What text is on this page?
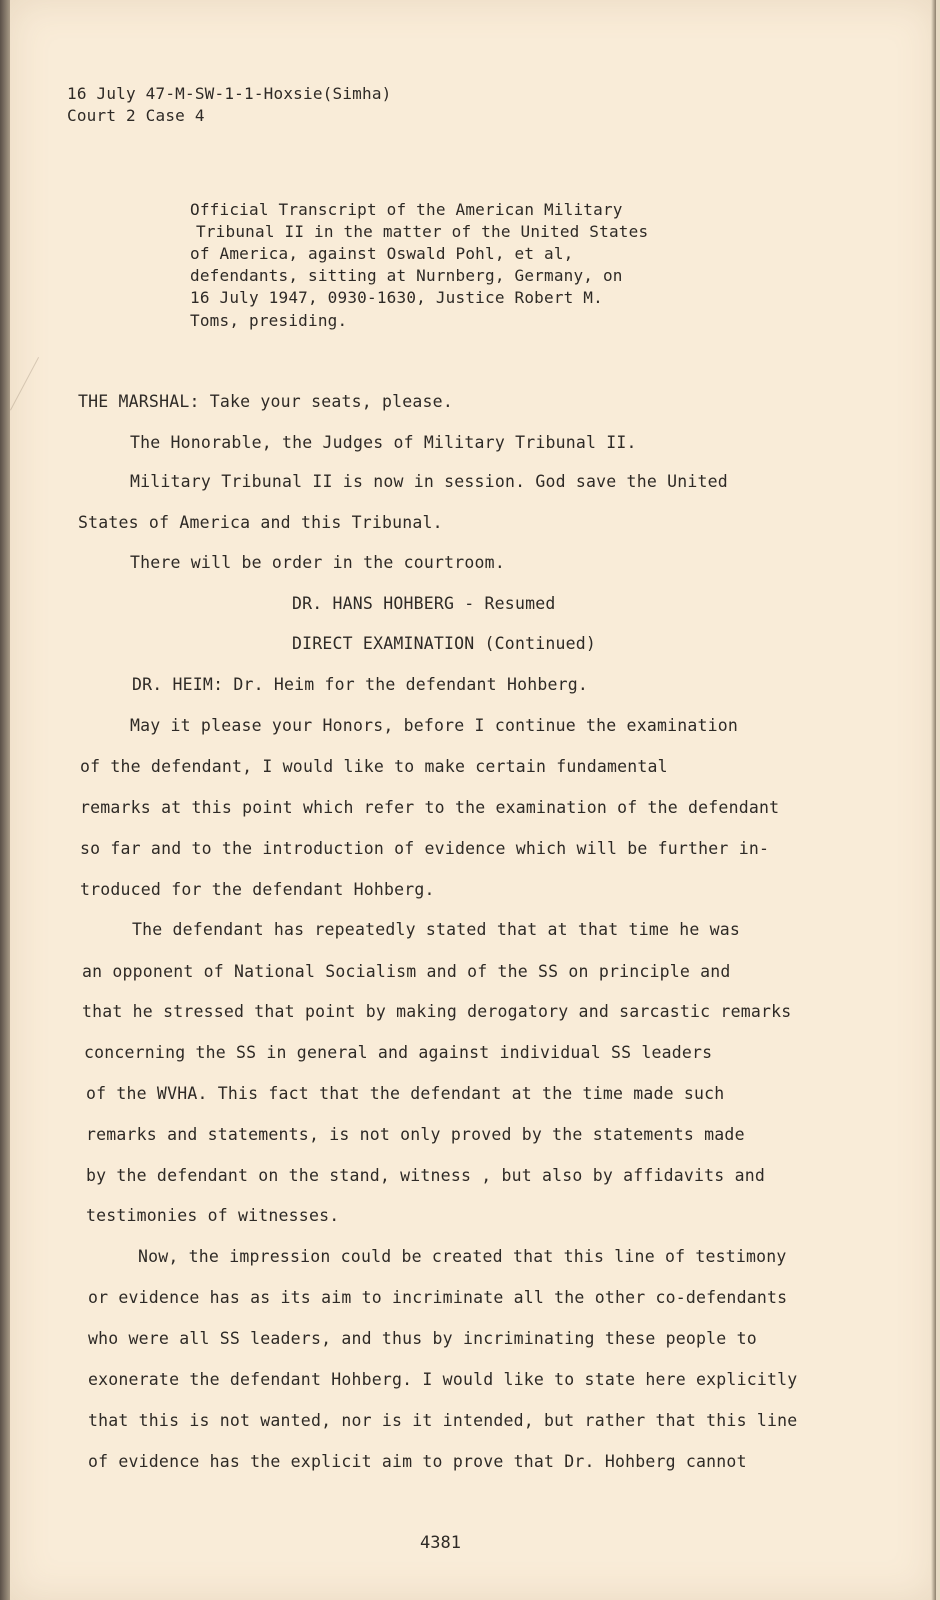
16 July 47-M-SW-1-1-Hoxsie(Simha)

Court 2 Case 4

Official Transcript of the American Military

Tribunal II in the matter of the United States

of America, against Oswald Pohl, et al,

defendants, sitting at Nurnberg, Germany, on

16 July 1947, 0930-1630, Justice Robert M.

Toms, presiding.

THE MARSHAL: Take your seats, please.

The Honorable, the Judges of Military Tribunal II.

Military Tribunal II is now in session. God save the United

States of America and this Tribunal.

There will be order in the courtroom.

DR. HANS HOHBERG - Resumed

DIRECT EXAMINATION (Continued)

DR. HEIM: Dr. Heim for the defendant Hohberg.

May it please your Honors, before I continue the examination

of the defendant, I would like to make certain fundamental

remarks at this point which refer to the examination of the defendant

so far and to the introduction of evidence which will be further in-

troduced for the defendant Hohberg.

The defendant has repeatedly stated that at that time he was

an opponent of National Socialism and of the SS on principle and

that he stressed that point by making derogatory and sarcastic remarks

concerning the SS in general and against individual SS leaders

of the WVHA. This fact that the defendant at the time made such

remarks and statements, is not only proved by the statements made

by the defendant on the stand, witness , but also by affidavits and

testimonies of witnesses.

Now, the impression could be created that this line of testimony

or evidence has as its aim to incriminate all the other co-defendants

who were all SS leaders, and thus by incriminating these people to

exonerate the defendant Hohberg. I would like to state here explicitly

that this is not wanted, nor is it intended, but rather that this line

of evidence has the explicit aim to prove that Dr. Hohberg cannot

4381
